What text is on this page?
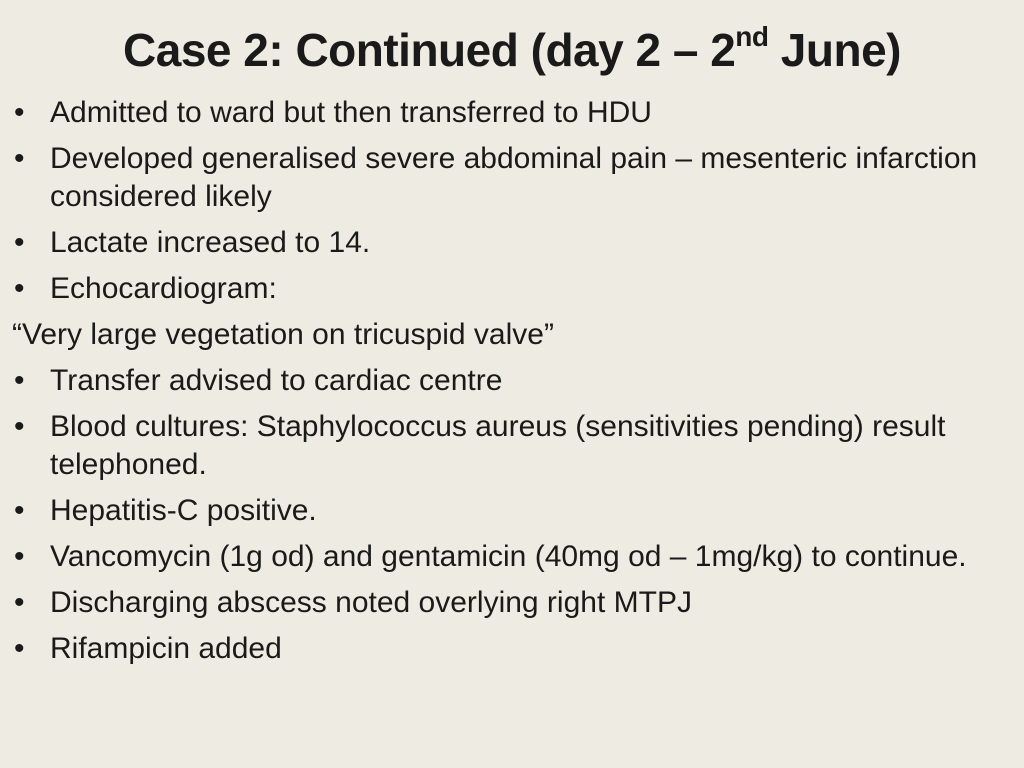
Case 2: Continued (day 2 – 2nd June)
• Admitted to ward but then transferred to HDU
• Developed generalised severe abdominal pain – mesenteric infarction considered likely
• Lactate increased to 14.
• Echocardiogram:
“Very large vegetation on tricuspid valve”
• Transfer advised to cardiac centre
• Blood cultures: Staphylococcus aureus (sensitivities pending) result telephoned.
• Hepatitis-C positive.
• Vancomycin (1g od) and gentamicin (40mg od – 1mg/kg) to continue.
• Discharging abscess noted overlying right MTPJ
• Rifampicin added
